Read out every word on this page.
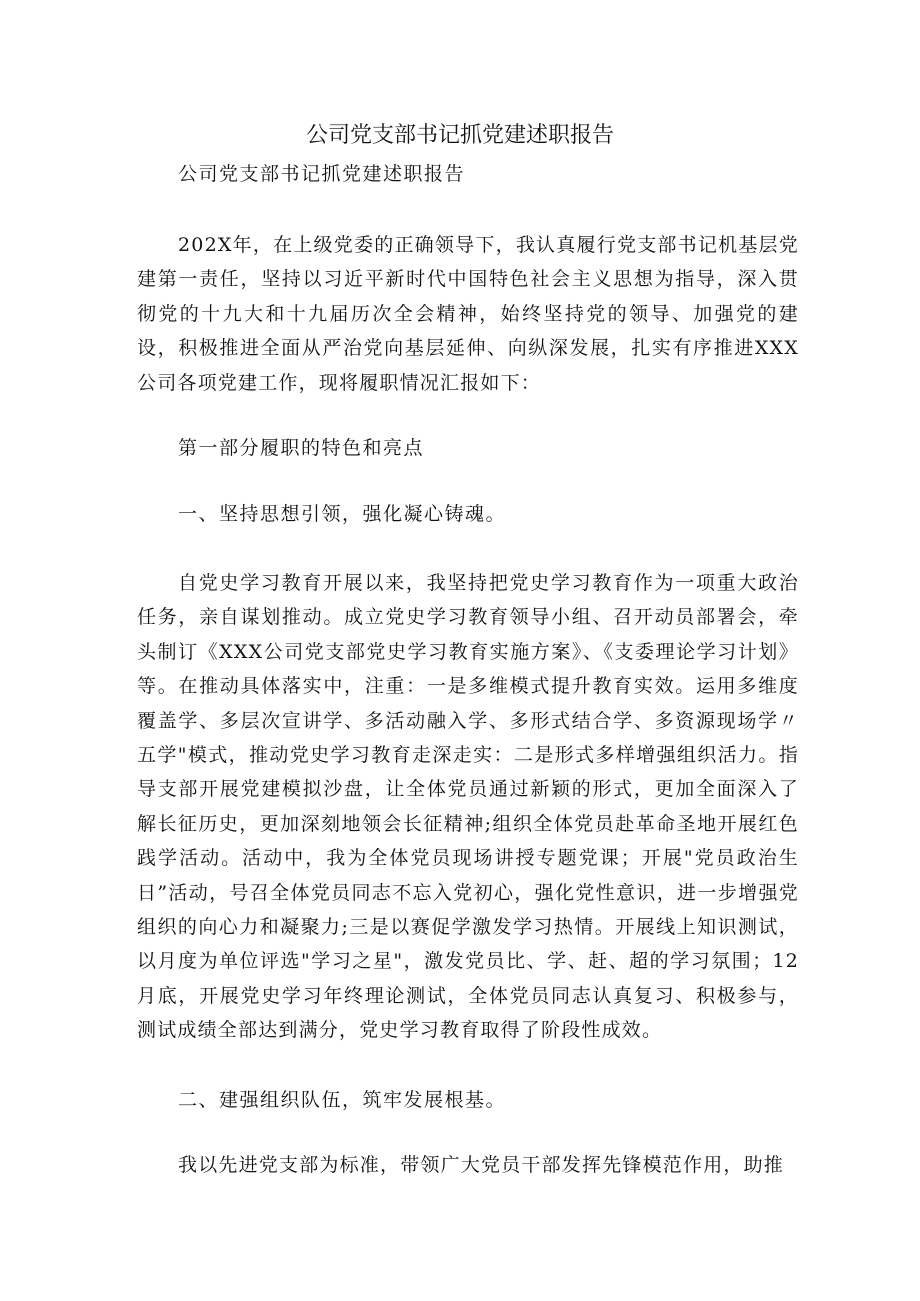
公司党支部书记抓党建述职报告
公司党支部书记抓党建述职报告

202X年，在上级党委的正确领导下，我认真履行党支部书记机基层党建第一责任，坚持以习近平新时代中国特色社会主义思想为指导，深入贯彻党的十九大和十九届历次全会精神，始终坚持党的领导、加强党的建设，积极推进全面从严治党向基层延伸、向纵深发展，扎实有序推进XXX公司各项党建工作，现将履职情况汇报如下：

第一部分履职的特色和亮点

一、坚持思想引领，强化凝心铸魂。

自党史学习教育开展以来，我坚持把党史学习教育作为一项重大政治任务，亲自谋划推动。成立党史学习教育领导小组、召开动员部署会，牵头制订《XXX公司党支部党史学习教育实施方案》、《支委理论学习计划》等。在推动具体落实中，注重：一是多维模式提升教育实效。运用多维度覆盖学、多层次宣讲学、多活动融入学、多形式结合学、多资源现场学〃五学"模式，推动党史学习教育走深走实：二是形式多样增强组织活力。指导支部开展党建模拟沙盘，让全体党员通过新颖的形式，更加全面深入了解长征历史，更加深刻地领会长征精神;组织全体党员赴革命圣地开展红色践学活动。活动中，我为全体党员现场讲授专题党课；开展"党员政治生日”活动，号召全体党员同志不忘入党初心，强化党性意识，进一步增强党组织的向心力和凝聚力;三是以赛促学激发学习热情。开展线上知识测试，以月度为单位评选"学习之星"，激发党员比、学、赶、超的学习氛围；12月底，开展党史学习年终理论测试，全体党员同志认真复习、积极参与，测试成绩全部达到满分，党史学习教育取得了阶段性成效。

二、建强组织队伍，筑牢发展根基。

我以先进党支部为标准，带领广大党员干部发挥先锋模范作用，助推
